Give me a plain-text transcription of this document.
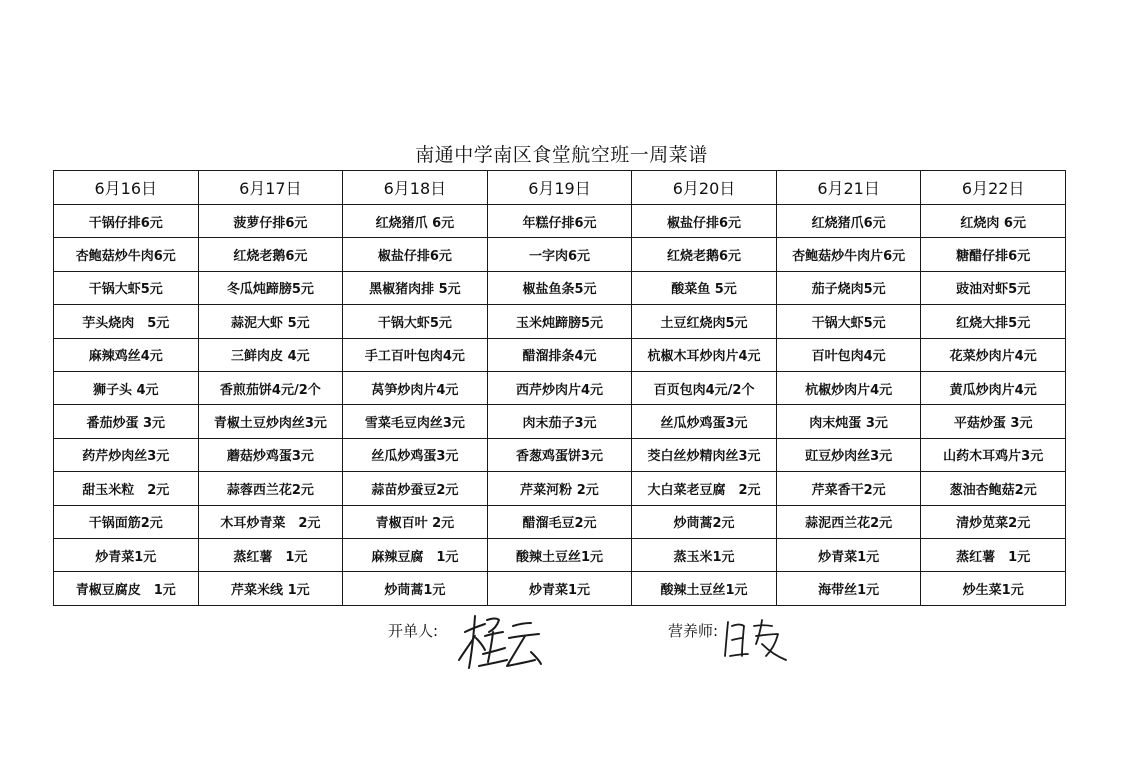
南通中学南区食堂航空班一周菜谱
6月16日	6月17日	6月18日	6月19日	6月20日	6月21日	6月22日
干锅仔排6元	菠萝仔排6元	红烧猪爪 6元	年糕仔排6元	椒盐仔排6元	红烧猪爪6元	红烧肉 6元
杏鲍菇炒牛肉6元	红烧老鹅6元	椒盐仔排6元	一字肉6元	红烧老鹅6元	杏鲍菇炒牛肉片6元	糖醋仔排6元
干锅大虾5元	冬瓜炖蹄膀5元	黑椒猪肉排 5元	椒盐鱼条5元	酸菜鱼 5元	茄子烧肉5元	豉油对虾5元
芋头烧肉　5元	蒜泥大虾 5元	干锅大虾5元	玉米炖蹄膀5元	土豆红烧肉5元	干锅大虾5元	红烧大排5元
麻辣鸡丝4元	三鲜肉皮 4元	手工百叶包肉4元	醋溜排条4元	杭椒木耳炒肉片4元	百叶包肉4元	花菜炒肉片4元
狮子头 4元	香煎茄饼4元/2个	莴笋炒肉片4元	西芹炒肉片4元	百页包肉4元/2个	杭椒炒肉片4元	黄瓜炒肉片4元
番茄炒蛋 3元	青椒土豆炒肉丝3元	雪菜毛豆肉丝3元	肉末茄子3元	丝瓜炒鸡蛋3元	肉末炖蛋 3元	平菇炒蛋 3元
药芹炒肉丝3元	蘑菇炒鸡蛋3元	丝瓜炒鸡蛋3元	香葱鸡蛋饼3元	茭白丝炒精肉丝3元	豇豆炒肉丝3元	山药木耳鸡片3元
甜玉米粒　2元	蒜蓉西兰花2元	蒜苗炒蚕豆2元	芹菜河粉 2元	大白菜老豆腐　2元	芹菜香干2元	葱油杏鲍菇2元
干锅面筋2元	木耳炒青菜　2元	青椒百叶 2元	醋溜毛豆2元	炒茼蒿2元	蒜泥西兰花2元	清炒苋菜2元
炒青菜1元	蒸红薯　1元	麻辣豆腐　1元	酸辣土豆丝1元	蒸玉米1元	炒青菜1元	蒸红薯　1元
青椒豆腐皮　1元	芹菜米线 1元	炒茼蒿1元	炒青菜1元	酸辣土豆丝1元	海带丝1元	炒生菜1元
开单人:	营养师:
